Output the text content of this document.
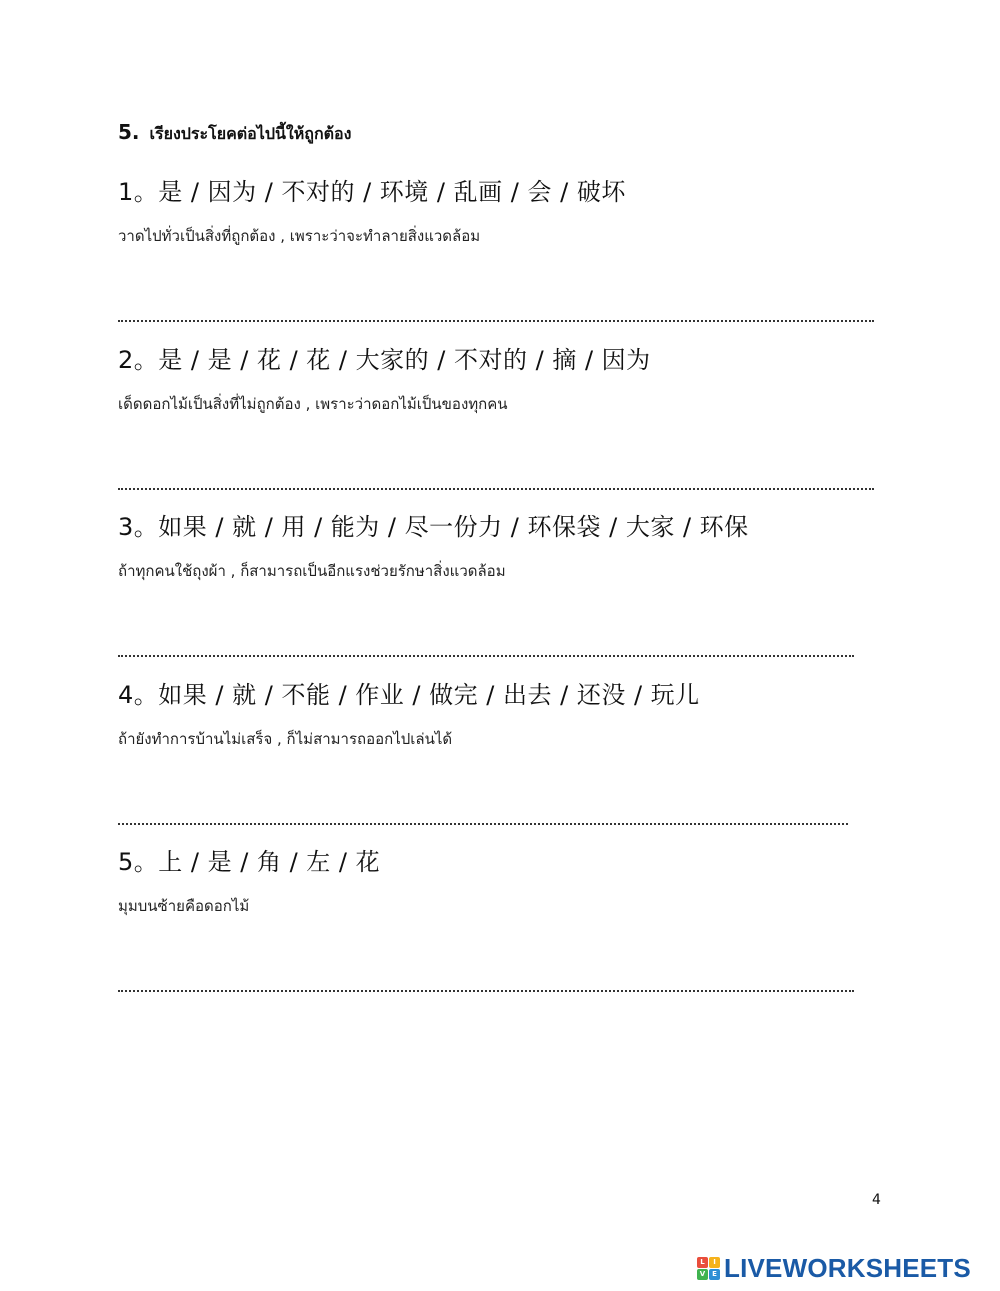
5. เรียงประโยคต่อไปนี้ให้ถูกต้อง
1。是 / 因为 / 不对的 / 环境 / 乱画 / 会 / 破坏
วาดไปทั่วเป็นสิ่งที่ถูกต้อง , เพราะว่าจะทำลายสิ่งแวดล้อม
2。是 / 是 / 花 / 花 / 大家的 / 不对的 / 摘 / 因为
เด็ดดอกไม้เป็นสิ่งที่ไม่ถูกต้อง , เพราะว่าดอกไม้เป็นของทุกคน
3。如果 / 就 / 用 / 能为 / 尽一份力 / 环保袋 / 大家 / 环保
ถ้าทุกคนใช้ถุงผ้า , ก็สามารถเป็นอีกแรงช่วยรักษาสิ่งแวดล้อม
4。如果 / 就 / 不能 / 作业 / 做完 / 出去 / 还没 / 玩儿
ถ้ายังทำการบ้านไม่เสร็จ , ก็ไม่สามารถออกไปเล่นได้
5。上 / 是 / 角 / 左 / 花
มุมบนซ้ายคือดอกไม้
4
L	I
V E LIVEWORKSHEETS
